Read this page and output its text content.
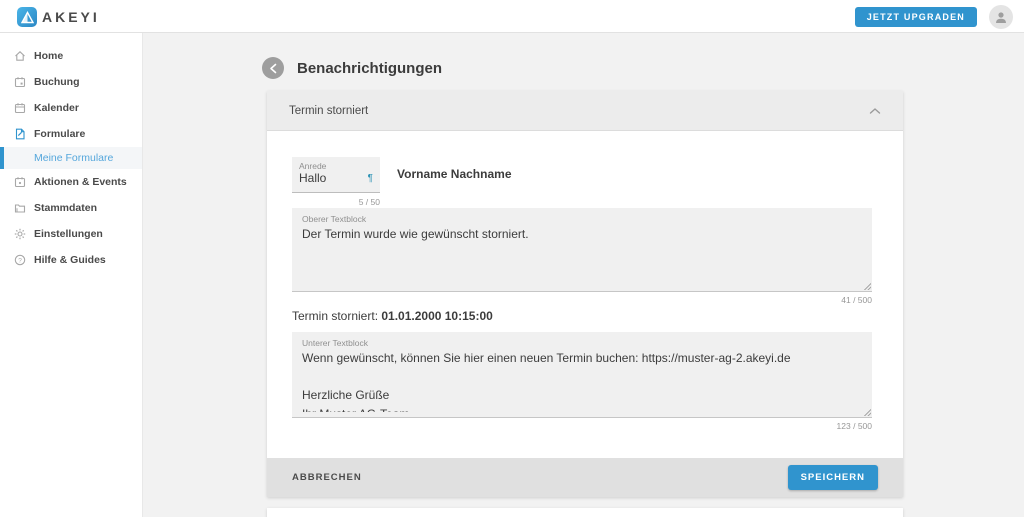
AKEYI	JETZT UPGRADEN
Home
Buchung
Kalender
Formulare
Meine Formulare
Aktionen & Events
Stammdaten
Einstellungen
? Hilfe & Guides
Benachrichtigungen
Termin storniert
Anrede
Hallo	¶
5 / 50
Vorname Nachname
Oberer Textblock
Der Termin wurde wie gewünscht storniert.
41 / 500
Termin storniert: 01.01.2000 10:15:00
Unterer Textblock
Wenn gewünscht, können Sie hier einen neuen Termin buchen: https://muster-ag-2.akeyi.de Herzliche Grüße Ihr Muster AG-Team
123 / 500
ABBRECHEN	SPEICHERN
